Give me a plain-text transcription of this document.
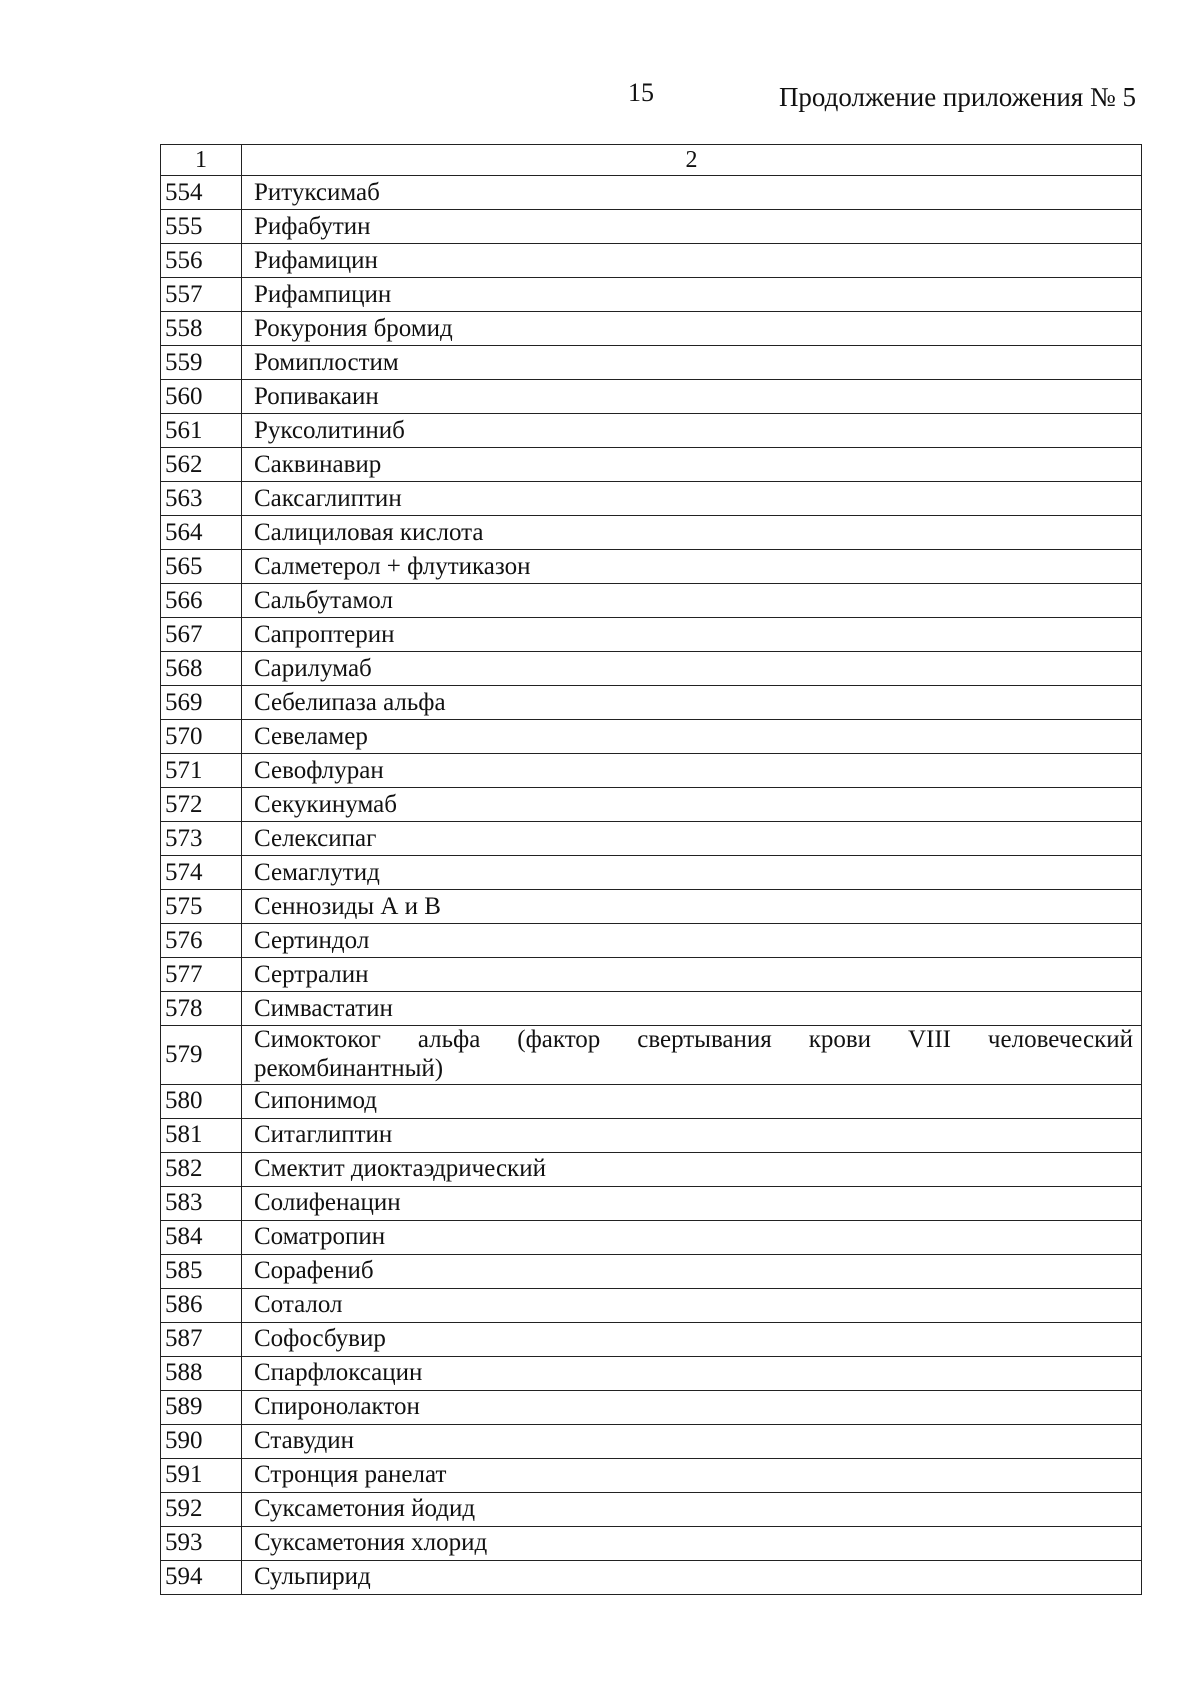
15	Продолжение приложения № 5
1	2
554	Ритуксимаб
555	Рифабутин
556	Рифамицин
557	Рифампицин
558	Рокурония бромид
559	Ромиплостим
560	Ропивакаин
561	Руксолитиниб
562	Саквинавир
563	Саксаглиптин
564	Салициловая кислота
565	Салметерол + флутиказон
566	Сальбутамол
567	Сапроптерин
568	Сарилумаб
569	Себелипаза альфа
570	Севеламер
571	Севофлуран
572	Секукинумаб
573	Селексипаг
574	Семаглутид
575	Сеннозиды А и В
576	Сертиндол
577	Сертралин
578	Симвастатин
579	Симоктоког альфа (фактор свертывания крови VIII человеческий рекомбинантный)
580	Сипонимод
581	Ситаглиптин
582	Смектит диоктаэдрический
583	Солифенацин
584	Соматропин
585	Сорафениб
586	Соталол
587	Софосбувир
588	Спарфлоксацин
589	Спиронолактон
590	Ставудин
591	Стронция ранелат
592	Суксаметония йодид
593	Суксаметония хлорид
594	Сульпирид
